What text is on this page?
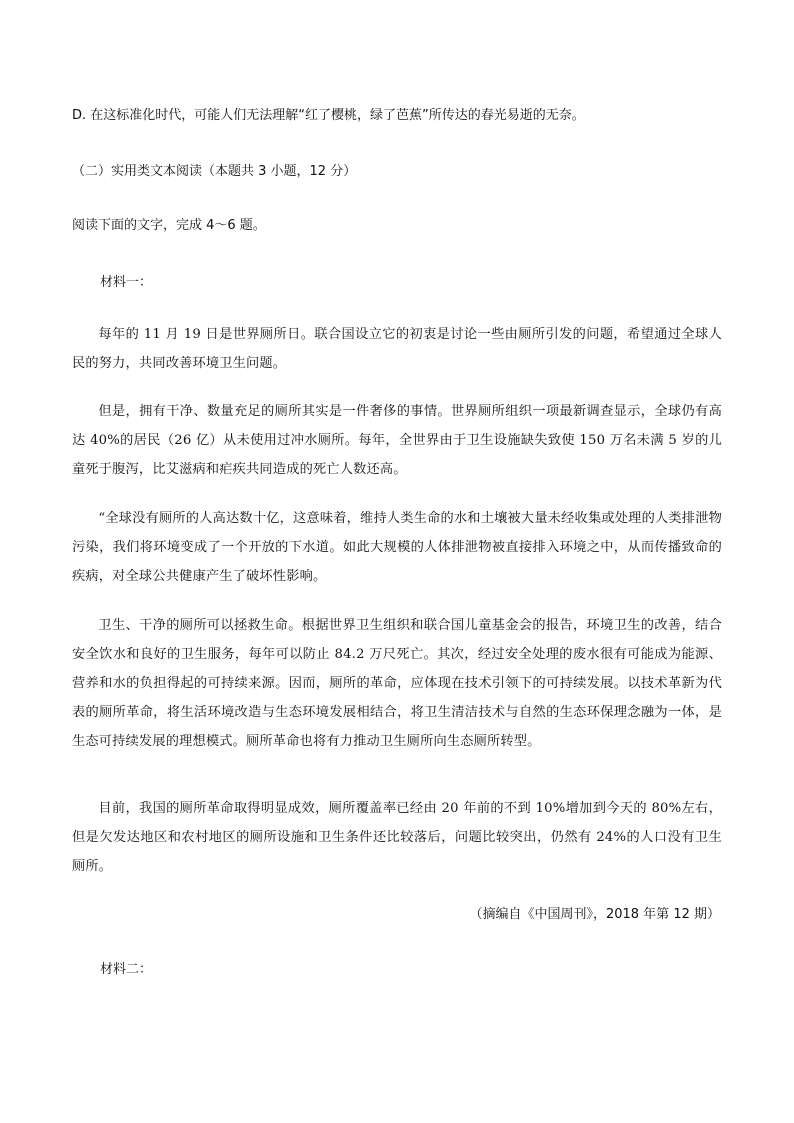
D. 在这标准化时代，可能人们无法理解“红了樱桃，绿了芭蕉”所传达的春光易逝的无奈。
（二）实用类文本阅读（本题共 3 小题，12 分）
阅读下面的文字，完成 4～6 题。
材料一：
每年的 11 月 19 日是世界厕所日。联合国设立它的初衷是讨论一些由厕所引发的问题，希望通过全球人民的努力，共同改善环境卫生问题。
但是，拥有干净、数量充足的厕所其实是一件奢侈的事情。世界厕所组织一项最新调查显示，全球仍有高达 40%的居民（26 亿）从未使用过冲水厕所。每年，全世界由于卫生设施缺失致使 150 万名未满 5 岁的儿童死于腹泻，比艾滋病和疟疾共同造成的死亡人数还高。
“全球没有厕所的人高达数十亿，这意味着，维持人类生命的水和土壤被大量未经收集或处理的人类排泄物污染，我们将环境变成了一个开放的下水道。如此大规模的人体排泄物被直接排入环境之中，从而传播致命的疾病，对全球公共健康产生了破坏性影响。
卫生、干净的厕所可以拯救生命。根据世界卫生组织和联合国儿童基金会的报告，环境卫生的改善，结合安全饮水和良好的卫生服务，每年可以防止 84.2 万尺死亡。其次，经过安全处理的废水很有可能成为能源、营养和水的负担得起的可持续来源。因而，厕所的革命，应体现在技术引领下的可持续发展。以技术革新为代表的厕所革命，将生活环境改造与生态环境发展相结合，将卫生清洁技术与自然的生态环保理念融为一体，是生态可持续发展的理想模式。厕所革命也将有力推动卫生厕所向生态厕所转型。
目前，我国的厕所革命取得明显成效，厕所覆盖率已经由 20 年前的不到 10%增加到今天的 80%左右，但是欠发达地区和农村地区的厕所设施和卫生条件还比较落后，问题比较突出，仍然有 24%的人口没有卫生厕所。
（摘编自《中国周刊》，2018 年第 12 期）
材料二：
